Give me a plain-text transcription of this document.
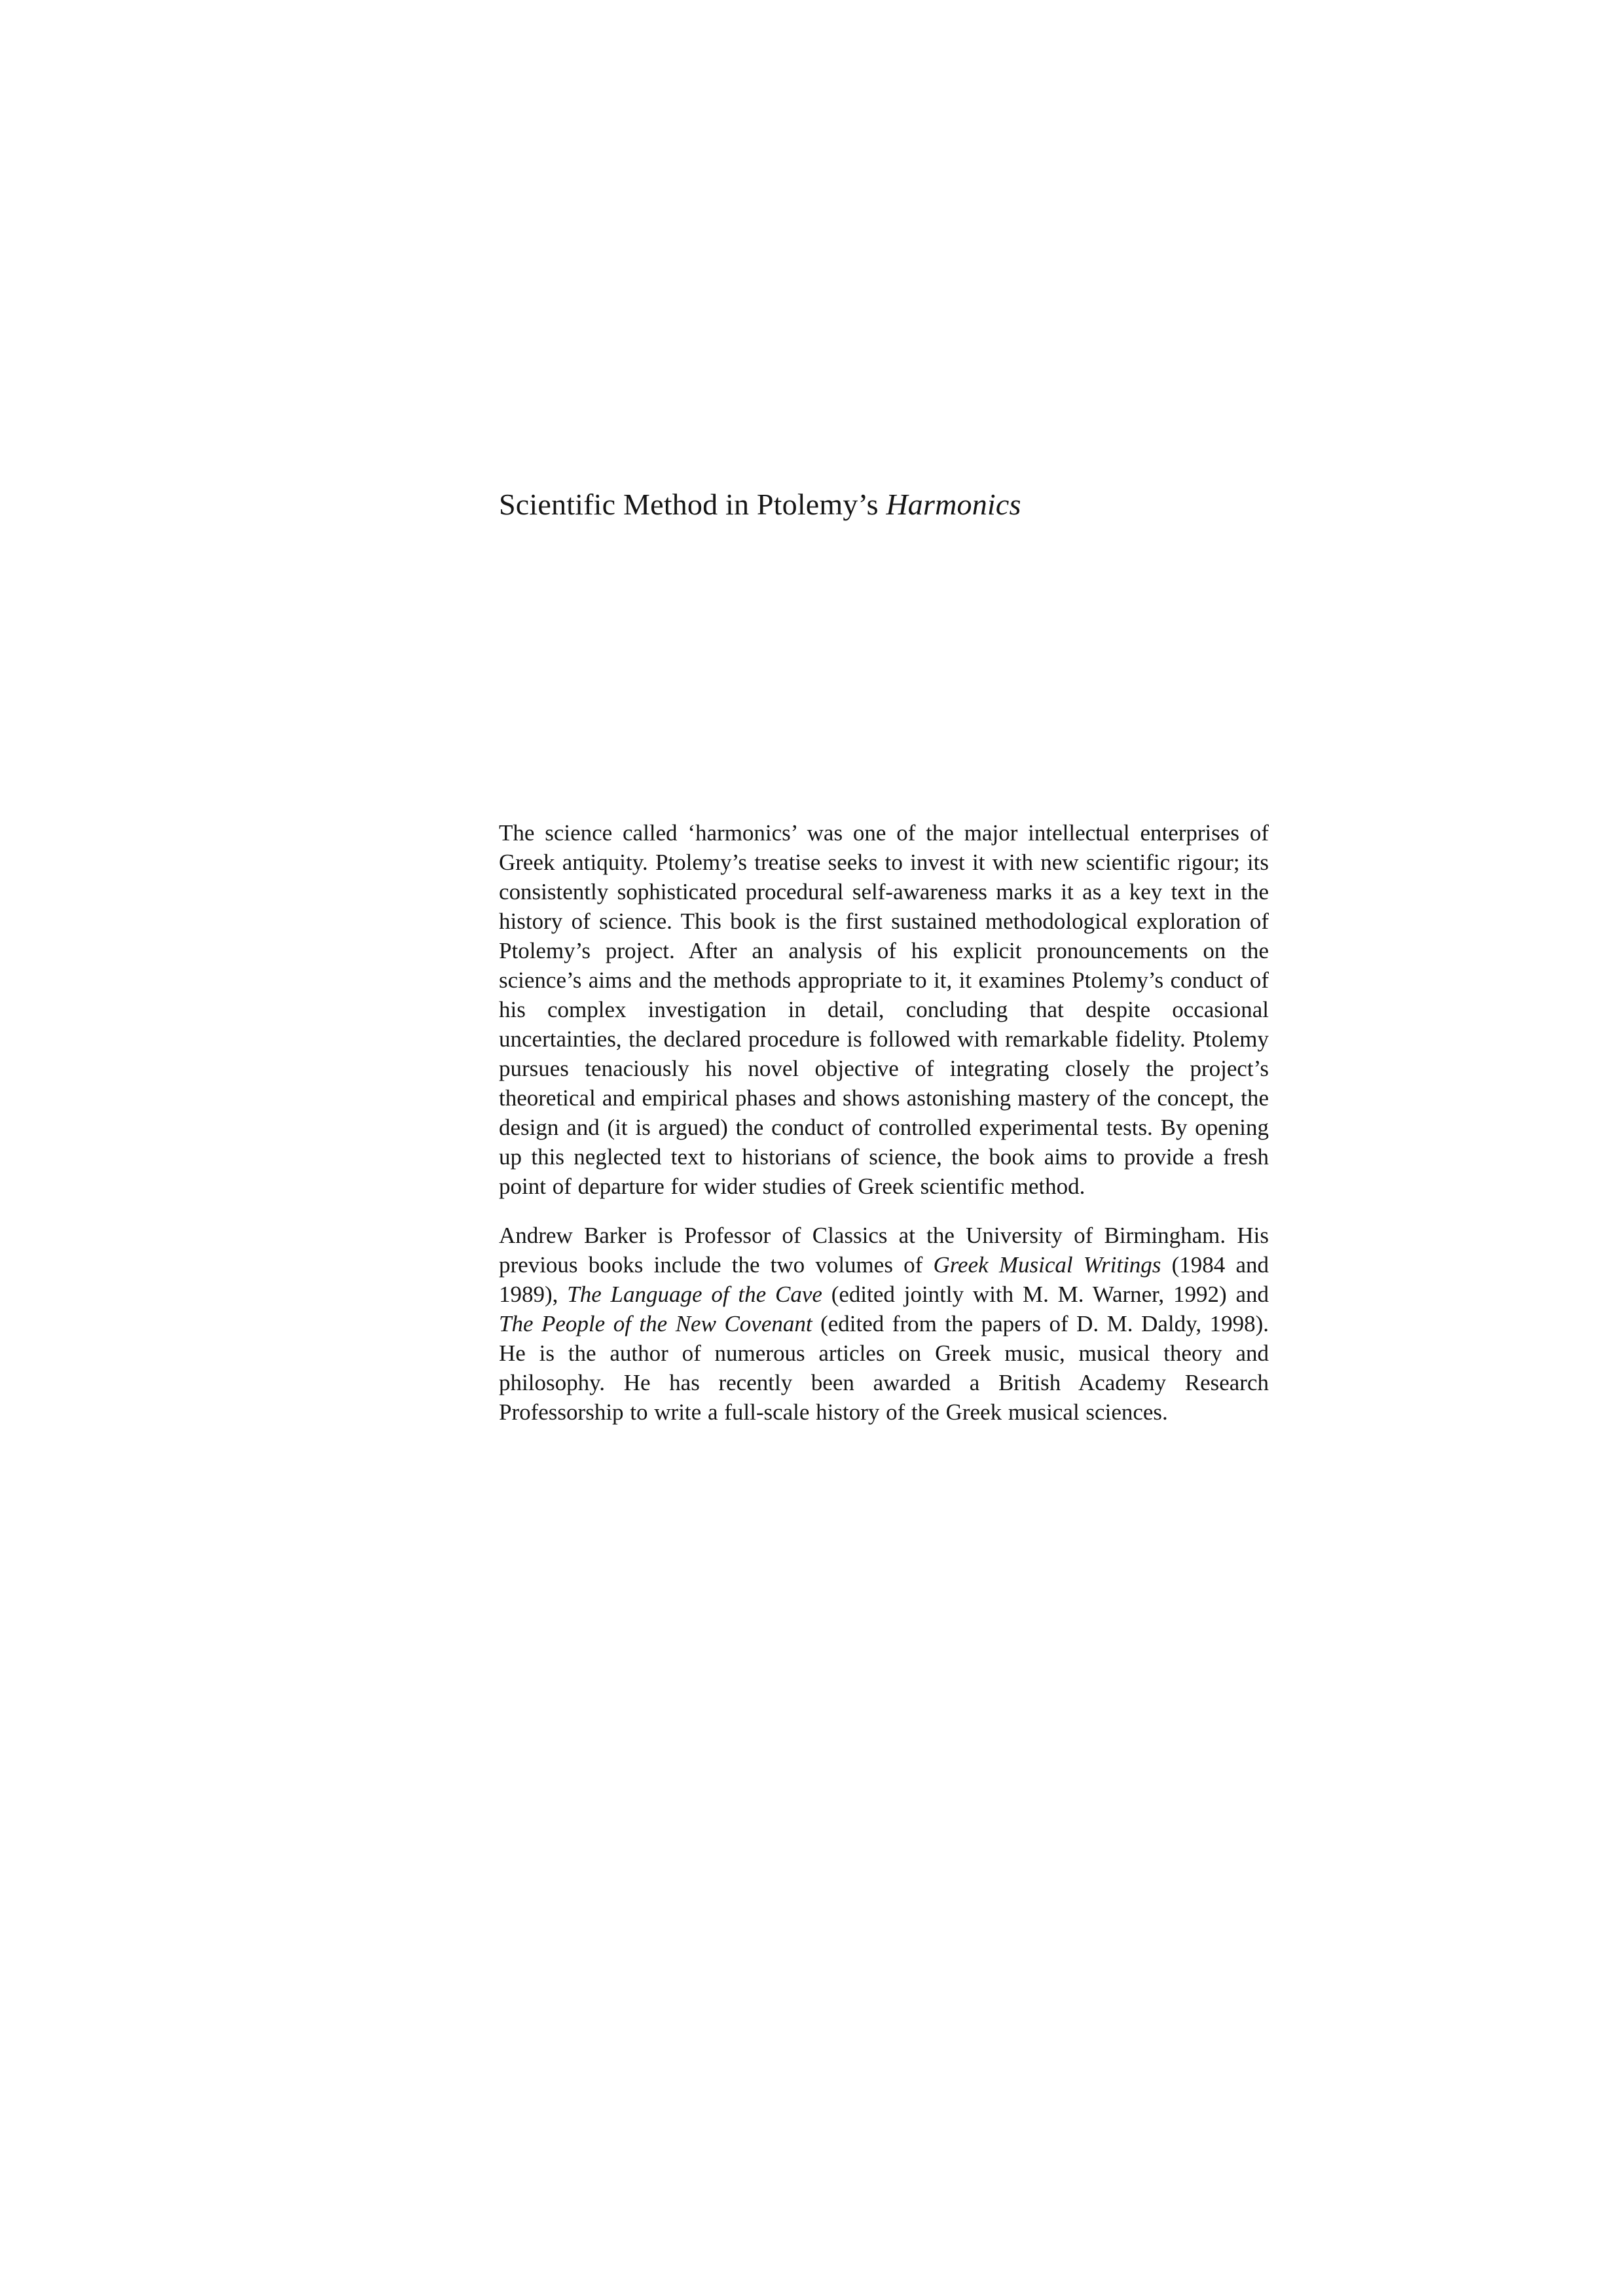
Scientific Method in Ptolemy’s Harmonics

The science called ‘harmonics’ was one of the major intellectual enterprises of Greek antiquity. Ptolemy’s treatise seeks to invest it with new scientific rigour; its consistently sophisticated procedural self-awareness marks it as a key text in the history of science. This book is the first sustained methodological exploration of Ptolemy’s project. After an analysis of his explicit pronouncements on the science’s aims and the methods appropriate to it, it examines Ptolemy’s conduct of his complex investigation in detail, concluding that despite occasional uncertainties, the declared procedure is followed with remarkable fidelity. Ptolemy pursues tenaciously his novel objective of integrating closely the project’s theoretical and empirical phases and shows astonishing mastery of the concept, the design and (it is argued) the conduct of controlled experimental tests. By opening up this neglected text to historians of science, the book aims to provide a fresh point of departure for wider studies of Greek scientific method.

Andrew Barker is Professor of Classics at the University of Birmingham. His previous books include the two volumes of Greek Musical Writings (1984 and 1989), The Language of the Cave (edited jointly with M. M. Warner, 1992) and The People of the New Covenant (edited from the papers of D. M. Daldy, 1998). He is the author of numerous articles on Greek music, musical theory and philosophy. He has recently been awarded a British Academy Research Professorship to write a full-scale history of the Greek musical sciences.
